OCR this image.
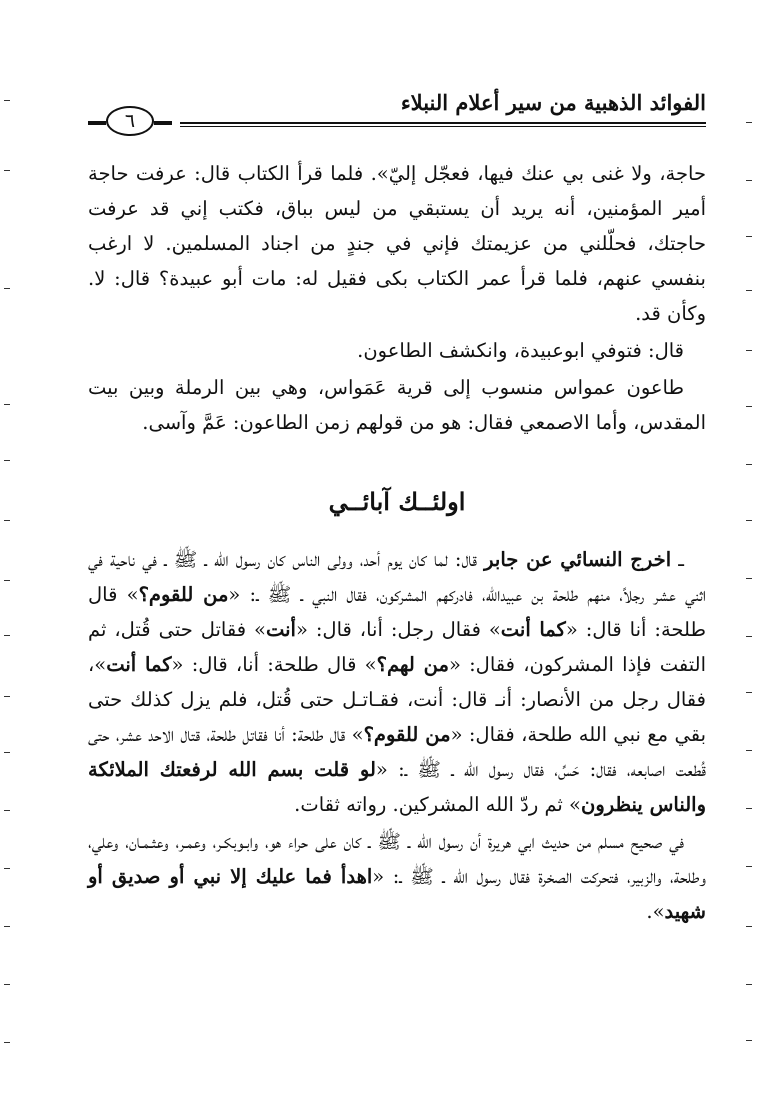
الفوائد الذهبية من سير أعلام النبلاء
٦

حاجة، ولا غنى بي عنك فيها، فعجّل إليّ». فلما قرأ الكتاب قال: عرفت حاجة أمير المؤمنين، أنه يريد أن يستبقي من ليس بباق، فكتب إني قد عرفت حاجتك، فحلّلني من عزيمتك فإني في جندٍ من اجناد المسلمين. لا ارغب بنفسي عنهم، فلما قرأ عمر الكتاب بكى فقيل له: مات أبو عبيدة؟ قال: لا. وكأن قد.

قال: فتوفي ابوعبيدة، وانكشف الطاعون.

طاعون عمواس منسوب إلى قرية عَمَواس، وهي بين الرملة وبين بيت المقدس، وأما الاصمعي فقال: هو من قولهم زمن الطاعون: عَمَّ وآسى.

اولئــك آبائــي

ـ اخرج النسائي عن جابر قال: لما كان يوم أحد، وولى الناس كان رسول الله ـ ﷺ ـ في ناحية في اثني عشر رجلاً، منهم طلحة بن عبيدالله، فادركهم المشركون، فقال النبي ـ ﷺ ـ: «من للقوم؟» قال طلحة: أنا قال: «كما أنت» فقال رجل: أنا، قال: «أنت» فقاتل حتى قُتل، ثم التفت فإذا المشركون، فقال: «من لهم؟» قال طلحة: أنا، قال: «كما أنت»، فقال رجل من الأنصار: أنـ قال: أنت، فقـاتـل حتى قُتل، فلم يزل كذلك حتى بقي مع نبي الله طلحة، فقال: «من للقوم؟» قال طلحة: أنا فقاتل طلحة، قتال الاحد عشر، حتى قُطعت اصابعه، فقال: حَسِّ، فقال رسول الله ـ ﷺ ـ: «لو قلت بسم الله لرفعتك الملائكة والناس ينظرون» ثم ردّ الله المشركين. رواته ثقات.

في صحيح مسلم من حديث ابي هريرة أن رسول الله ـ ﷺ ـ كان على حراء هو، وابـوبكـر، وعمـر، وعثـمـان، وعلي، وطلحة، والزبير، فتحركت الصخرة فقال رسول الله ـ ﷺ ـ: «اهدأ فما عليك إلا نبي أو صديق أو شهيد».
